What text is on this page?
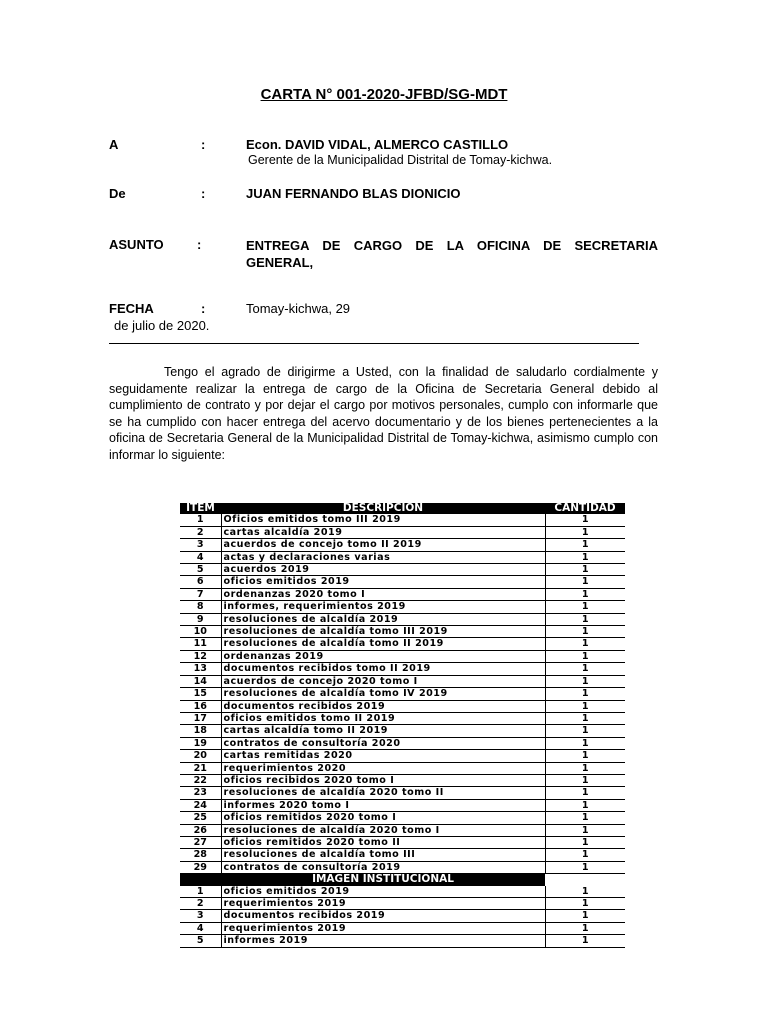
CARTA N° 001-2020-JFBD/SG-MDT
A	:	Econ. DAVID VIDAL, ALMERCO CASTILLO
Gerente de la Municipalidad Distrital de Tomay-kichwa.
De	:	JUAN FERNANDO BLAS DIONICIO
ASUNTO	:	ENTREGA DE CARGO DE LA OFICINA DE SECRETARIA GENERAL,
FECHA	:	Tomay-kichwa, 29
de julio de 2020.
Tengo el agrado de dirigirme a Usted, con la finalidad de saludarlo cordialmente y seguidamente realizar la entrega de cargo de la Oficina de Secretaria General debido al cumplimiento de contrato y por dejar el cargo por motivos personales, cumplo con informarle que se ha cumplido con hacer entrega del acervo documentario y de los bienes pertenecientes a la oficina de Secretaria General de la Municipalidad Distrital de Tomay-kichwa, asimismo cumplo con informar lo siguiente:
ITEM	DESCRIPCION	CANTIDAD
1	Oficios emitidos tomo III 2019	1
2	cartas alcaldía 2019	1
3	acuerdos de concejo tomo II 2019	1
4	actas y declaraciones varias	1
5	acuerdos 2019	1
6	oficios emitidos 2019	1
7	ordenanzas 2020 tomo I	1
8	informes, requerimientos 2019	1
9	resoluciones de alcaldía 2019	1
10	resoluciones de alcaldía tomo III 2019	1
11	resoluciones de alcaldía tomo II 2019	1
12	ordenanzas 2019	1
13	documentos recibidos tomo II 2019	1
14	acuerdos de concejo 2020 tomo I	1
15	resoluciones de alcaldía tomo IV 2019	1
16	documentos recibidos 2019	1
17	oficios emitidos tomo II 2019	1
18	cartas alcaldía tomo II 2019	1
19	contratos de consultoría 2020	1
20	cartas remitidas 2020	1
21	requerimientos 2020	1
22	oficios recibidos 2020 tomo I	1
23	resoluciones de alcaldía 2020 tomo II	1
24	informes 2020 tomo I	1
25	oficios remitidos 2020 tomo I	1
26	resoluciones de alcaldía 2020 tomo I	1
27	oficios remitidos 2020 tomo II	1
28	resoluciones de alcaldía tomo III	1
29	contratos de consultoría 2019	1
	IMAGEN INSTITUCIONAL	
1	oficios emitidos 2019	1
2	requerimientos 2019	1
3	documentos recibidos 2019	1
4	requerimientos 2019	1
5	informes 2019	1
